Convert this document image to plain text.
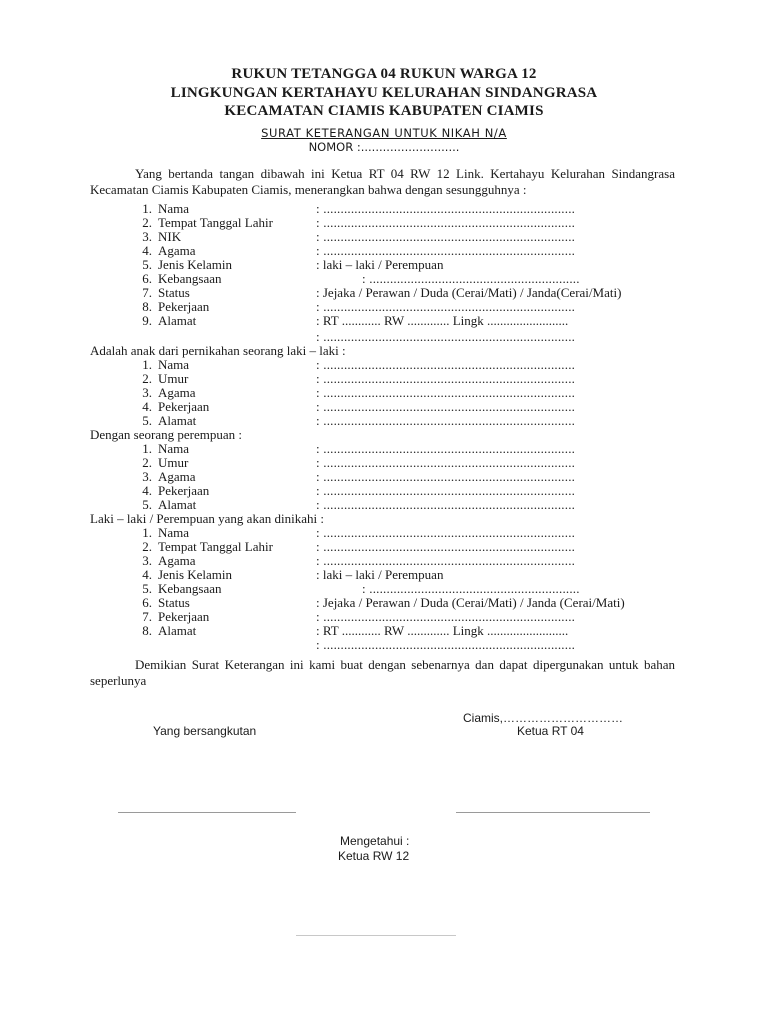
RUKUN TETANGGA 04 RUKUN WARGA 12
LINGKUNGAN KERTAHAYU KELURAHAN SINDANGRASA
KECAMATAN CIAMIS KABUPATEN CIAMIS
SURAT KETERANGAN UNTUK NIKAH N/A
NOMOR :...........................
Yang bertanda tangan dibawah ini Ketua RT 04 RW 12 Link. Kertahayu Kelurahan Sindangrasa Kecamatan Ciamis Kabupaten Ciamis, menerangkan bahwa dengan sesungguhnya :
1. Nama	: .........................................................................
2. Tempat Tanggal Lahir	: .........................................................................
3. NIK	: .........................................................................
4. Agama	: .........................................................................
5. Jenis Kelamin	: laki – laki / Perempuan
6. Kebangsaan	: .............................................................
7. Status	: Jejaka / Perawan / Duda (Cerai/Mati) / Janda(Cerai/Mati)
8. Pekerjaan	: .........................................................................
9. Alamat	: RT ............ RW ............. Lingk .........................
: .........................................................................
Adalah anak dari pernikahan seorang laki – laki :
1. Nama	: .........................................................................
2. Umur	: .........................................................................
3. Agama	: .........................................................................
4. Pekerjaan	: .........................................................................
5. Alamat	: .........................................................................
Dengan seorang perempuan :
1. Nama	: .........................................................................
2. Umur	: .........................................................................
3. Agama	: .........................................................................
4. Pekerjaan	: .........................................................................
5. Alamat	: .........................................................................
Laki – laki / Perempuan yang akan dinikahi :
1. Nama	: .........................................................................
2. Tempat Tanggal Lahir	: .........................................................................
3. Agama	: .........................................................................
4. Jenis Kelamin	: laki – laki / Perempuan
5. Kebangsaan	: .............................................................
6. Status	: Jejaka / Perawan / Duda (Cerai/Mati) / Janda (Cerai/Mati)
7. Pekerjaan	: .........................................................................
8. Alamat	: RT ............ RW ............. Lingk .........................
: .........................................................................
Demikian Surat Keterangan ini kami buat dengan sebenarnya dan dapat dipergunakan untuk bahan seperlunya
Ciamis,…………………………
Yang bersangkutan	Ketua RT 04
Mengetahui :
Ketua RW 12
